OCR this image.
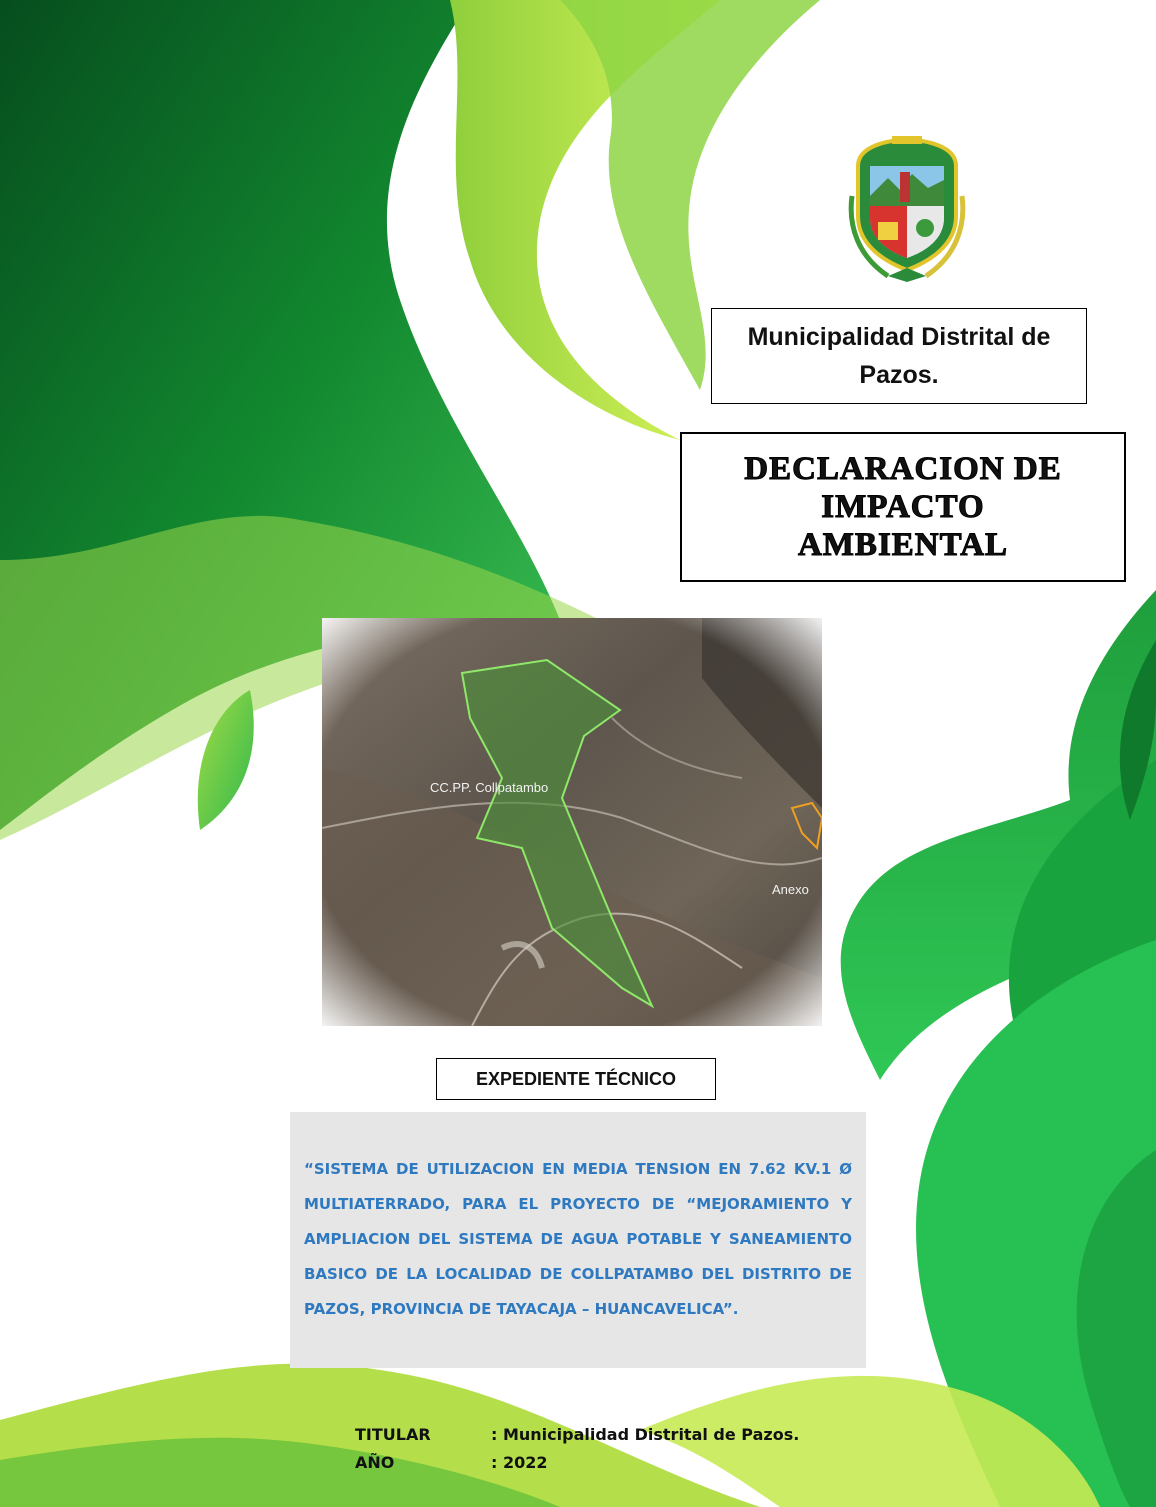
Municipalidad Distrital de Pazos.
DECLARACION DE IMPACTO AMBIENTAL
EXPEDIENTE TÉCNICO

“SISTEMA DE UTILIZACION EN MEDIA TENSION EN 7.62 KV.1 Ø MULTIATERRADO, PARA EL PROYECTO DE “MEJORAMIENTO Y AMPLIACION DEL SISTEMA DE AGUA POTABLE Y SANEAMIENTO BASICO DE LA LOCALIDAD DE COLLPATAMBO DEL DISTRITO DE PAZOS, PROVINCIA DE TAYACAJA – HUANCAVELICA”.

TITULAR	: Municipalidad Distrital de Pazos.
AÑO	: 2022
